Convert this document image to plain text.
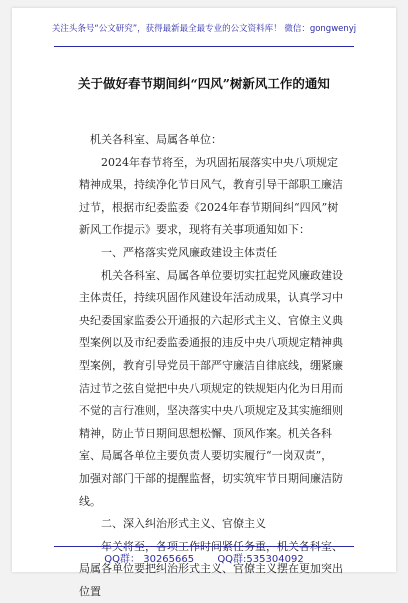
关注头条号“公文研究”，获得最新最全最专业的公文资料库！ 微信：gongwenyj
关于做好春节期间纠“四风”树新风工作的通知

机关各科室、局属各单位：

2024年春节将至，为巩固拓展落实中央八项规定精神成果，持续净化节日风气，教育引导干部职工廉洁过节，根据市纪委监委《2024年春节期间纠“四风”树新风工作提示》要求，现将有关事项通知如下：

一、严格落实党风廉政建设主体责任

机关各科室、局属各单位要切实扛起党风廉政建设主体责任，持续巩固作风建设年活动成果，认真学习中央纪委国家监委公开通报的六起形式主义、官僚主义典型案例以及市纪委监委通报的违反中央八项规定精神典型案例，教育引导党员干部严守廉洁自律底线，绷紧廉洁过节之弦自觉把中央八项规定的铁规矩内化为日用而不觉的言行准则，坚决落实中央八项规定及其实施细则精神，防止节日期间思想松懈、顶风作案。机关各科室、局属各单位主要负责人要切实履行“一岗双责”，加强对部门干部的提醒监督，切实筑牢节日期间廉洁防线。

二、深入纠治形式主义、官僚主义

年关将至，各项工作时间紧任务重，机关各科室、局属各单位要把纠治形式主义、官僚主义摆在更加突出位置

QQ群： 30265665 QQ群:535304092
